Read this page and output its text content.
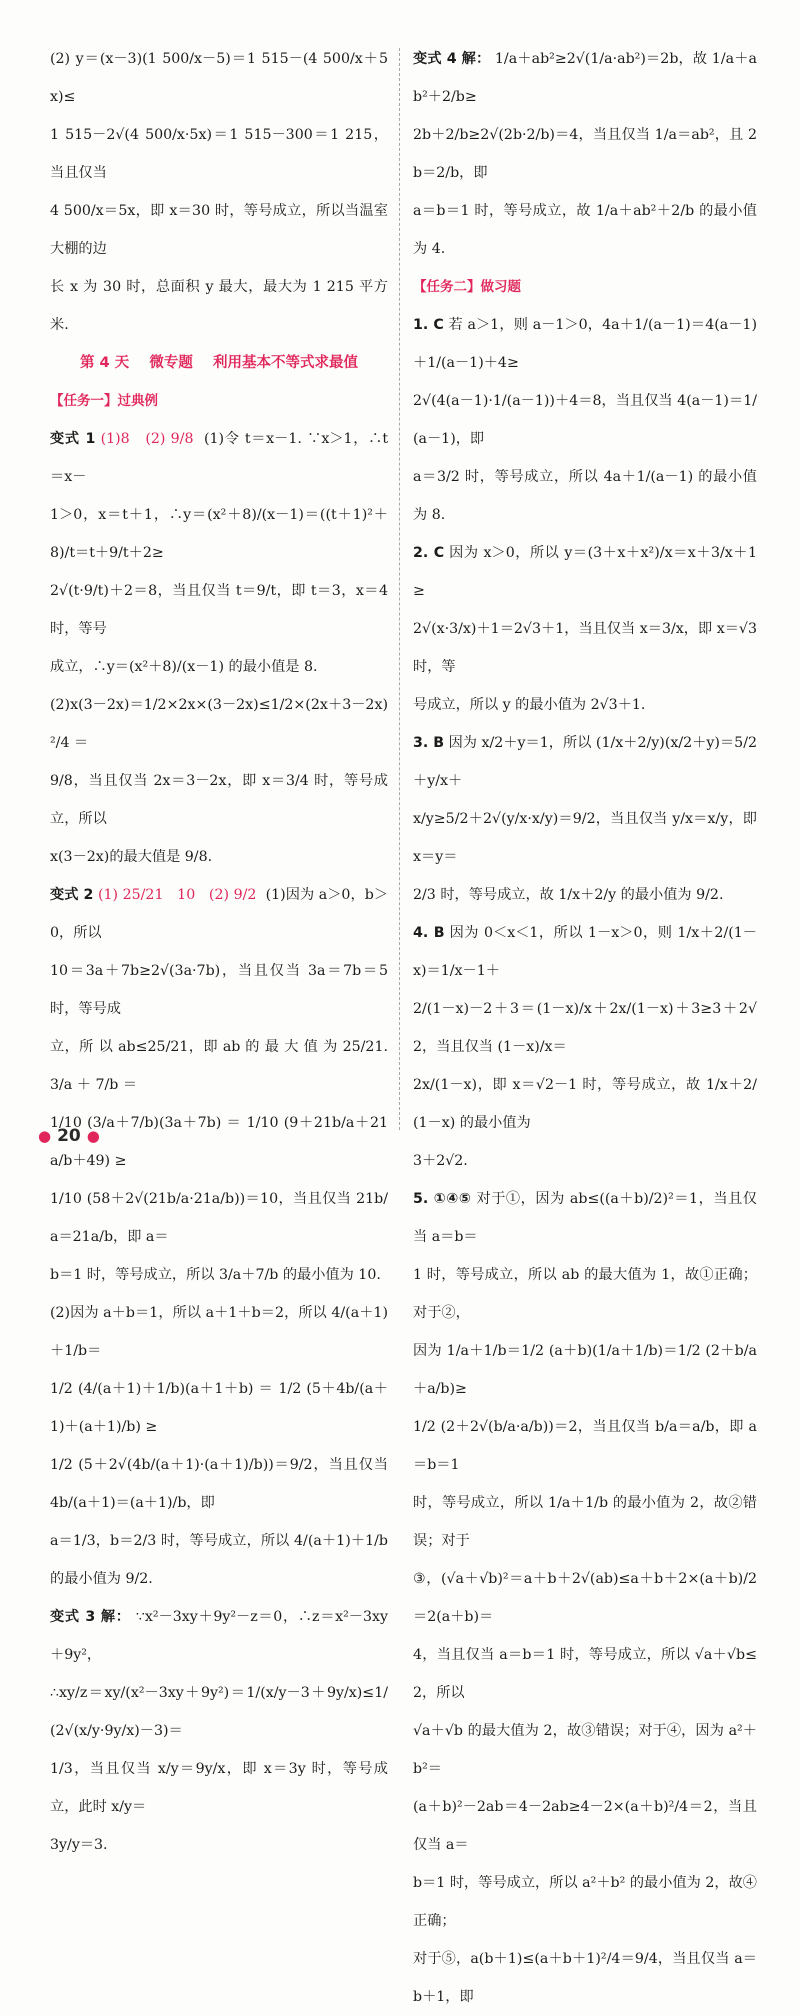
(2) y＝(x－3)(1 500/x－5)＝1 515－(4 500/x＋5x)≤

1 515－2√(4 500/x·5x)＝1 515－300＝1 215，当且仅当

4 500/x＝5x，即 x＝30 时，等号成立，所以当温室大棚的边

长 x 为 30 时，总面积 y 最大，最大为 1 215 平方米.

第 4 天    微专题    利用基本不等式求最值

【任务一】过典例

变式 1 (1)8   (2) 9/8 (1)令 t＝x－1. ∵x＞1，∴t＝x－

1＞0，x＝t＋1，∴y＝(x²＋8)/(x－1)＝((t＋1)²＋8)/t＝t＋9/t＋2≥

2√(t·9/t)＋2＝8，当且仅当 t＝9/t，即 t＝3，x＝4 时，等号

成立，∴y＝(x²＋8)/(x－1) 的最小值是 8.

(2)x(3－2x)＝1/2×2x×(3－2x)≤1/2×(2x＋3－2x)²/4 ＝

9/8，当且仅当 2x＝3－2x，即 x＝3/4 时，等号成立，所以

x(3－2x)的最大值是 9/8.

变式 2 (1) 25/21   10   (2) 9/2 (1)因为 a＞0，b＞0，所以

10＝3a＋7b≥2√(3a·7b)，当且仅当 3a＝7b＝5 时，等号成

立，所 以 ab≤25/21，即 ab 的 最 大 值 为 25/21. 3/a ＋ 7/b ＝

1/10 (3/a＋7/b)(3a＋7b) ＝ 1/10 (9＋21b/a＋21a/b＋49) ≥

1/10 (58＋2√(21b/a·21a/b))＝10，当且仅当 21b/a＝21a/b，即 a＝

b＝1 时，等号成立，所以 3/a＋7/b 的最小值为 10.

(2)因为 a＋b＝1，所以 a＋1＋b＝2，所以 4/(a＋1)＋1/b＝

1/2 (4/(a＋1)＋1/b)(a＋1＋b) ＝ 1/2 (5＋4b/(a＋1)＋(a＋1)/b) ≥

1/2 (5＋2√(4b/(a＋1)·(a＋1)/b))＝9/2，当且仅当 4b/(a＋1)＝(a＋1)/b，即

a＝1/3，b＝2/3 时，等号成立，所以 4/(a＋1)＋1/b 的最小值为 9/2.

变式 3 解： ∵x²－3xy＋9y²－z＝0，∴z＝x²－3xy＋9y²，

∴xy/z＝xy/(x²－3xy＋9y²)＝1/(x/y－3＋9y/x)≤1/(2√(x/y·9y/x)－3)＝

1/3，当且仅当 x/y＝9y/x，即 x＝3y 时，等号成立，此时 x/y＝

3y/y＝3.

变式 4 解： 1/a＋ab²≥2√(1/a·ab²)＝2b，故 1/a＋ab²＋2/b≥

2b＋2/b≥2√(2b·2/b)＝4，当且仅当 1/a＝ab²，且 2b＝2/b，即

a＝b＝1 时，等号成立，故 1/a＋ab²＋2/b 的最小值为 4.

【任务二】做习题

1. C 若 a＞1，则 a－1＞0，4a＋1/(a－1)＝4(a－1)＋1/(a－1)＋4≥

2√(4(a－1)·1/(a－1))＋4＝8，当且仅当 4(a－1)＝1/(a－1)，即

a＝3/2 时，等号成立，所以 4a＋1/(a－1) 的最小值为 8.

2. C 因为 x＞0，所以 y＝(3＋x＋x²)/x＝x＋3/x＋1≥

2√(x·3/x)＋1＝2√3＋1，当且仅当 x＝3/x，即 x＝√3 时，等

号成立，所以 y 的最小值为 2√3＋1.

3. B 因为 x/2＋y＝1，所以 (1/x＋2/y)(x/2＋y)＝5/2＋y/x＋

x/y≥5/2＋2√(y/x·x/y)＝9/2，当且仅当 y/x＝x/y，即 x＝y＝

2/3 时，等号成立，故 1/x＋2/y 的最小值为 9/2.

4. B 因为 0＜x＜1，所以 1－x＞0，则 1/x＋2/(1－x)＝1/x－1＋

2/(1－x)－2＋3＝(1－x)/x＋2x/(1－x)＋3≥3＋2√2，当且仅当 (1－x)/x＝

2x/(1－x)，即 x＝√2－1 时，等号成立，故 1/x＋2/(1－x) 的最小值为

3＋2√2.

5. ①④⑤ 对于①，因为 ab≤((a＋b)/2)²＝1，当且仅当 a＝b＝

1 时，等号成立，所以 ab 的最大值为 1，故①正确；对于②，

因为 1/a＋1/b＝1/2 (a＋b)(1/a＋1/b)＝1/2 (2＋b/a＋a/b)≥

1/2 (2＋2√(b/a·a/b))＝2，当且仅当 b/a＝a/b，即 a＝b＝1

时，等号成立，所以 1/a＋1/b 的最小值为 2，故②错误；对于

③，(√a＋√b)²＝a＋b＋2√(ab)≤a＋b＋2×(a＋b)/2＝2(a＋b)＝

4，当且仅当 a＝b＝1 时，等号成立，所以 √a＋√b≤2，所以

√a＋√b 的最大值为 2，故③错误；对于④，因为 a²＋b²＝

(a＋b)²－2ab＝4－2ab≥4－2×(a＋b)²/4＝2，当且仅当 a＝

b＝1 时，等号成立，所以 a²＋b² 的最小值为 2，故④正确；

对于⑤，a(b＋1)≤(a＋b＋1)²/4＝9/4，当且仅当 a＝b＋1，即

● 20 ●
